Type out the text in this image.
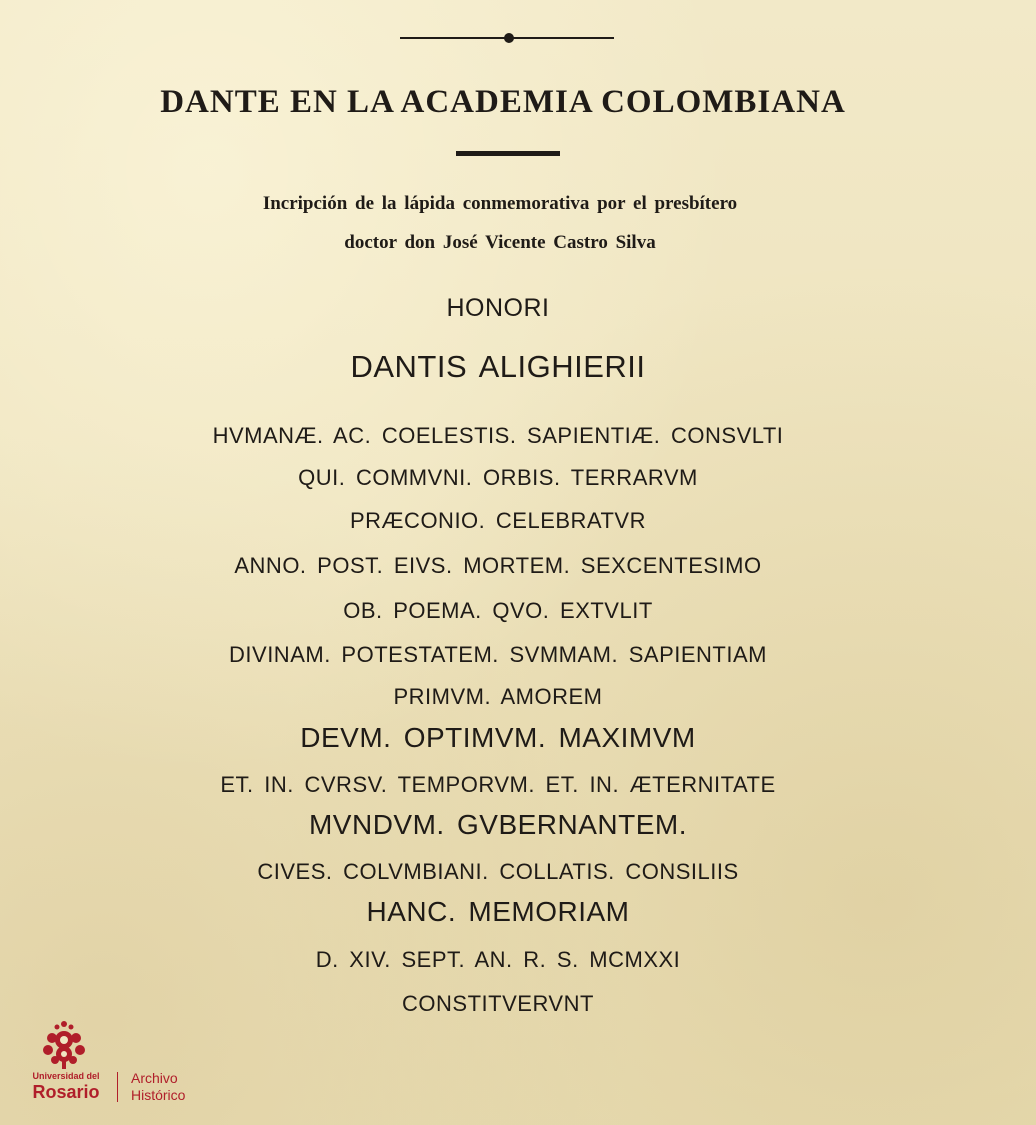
DANTE EN LA ACADEMIA COLOMBIANA
Incripción de la lápida conmemorativa por el presbítero
doctor don José Vicente Castro Silva
HONORI
DANTIS ALIGHIERII
HVMANÆ. AC. COELESTIS. SAPIENTIÆ. CONSVLTI
QUI. COMMVNI. ORBIS. TERRARVM
PRÆCONIO. CELEBRATVR
ANNO. POST. EIVS. MORTEM. SEXCENTESIMO
OB. POEMA. QVO. EXTVLIT
DIVINAM. POTESTATEM. SVMMAM. SAPIENTIAM
PRIMVM. AMOREM
DEVM. OPTIMVM. MAXIMVM
ET. IN. CVRSV. TEMPORVM. ET. IN. ÆTERNITATE
MVNDVM. GVBERNANTEM.
CIVES. COLVMBIANI. COLLATIS. CONSILIIS
HANC. MEMORIAM
D. XIV. SEPT. AN. R. S. MCMXXI
CONSTITVERVNT
Universidad del
Rosario
Archivo
Histórico
